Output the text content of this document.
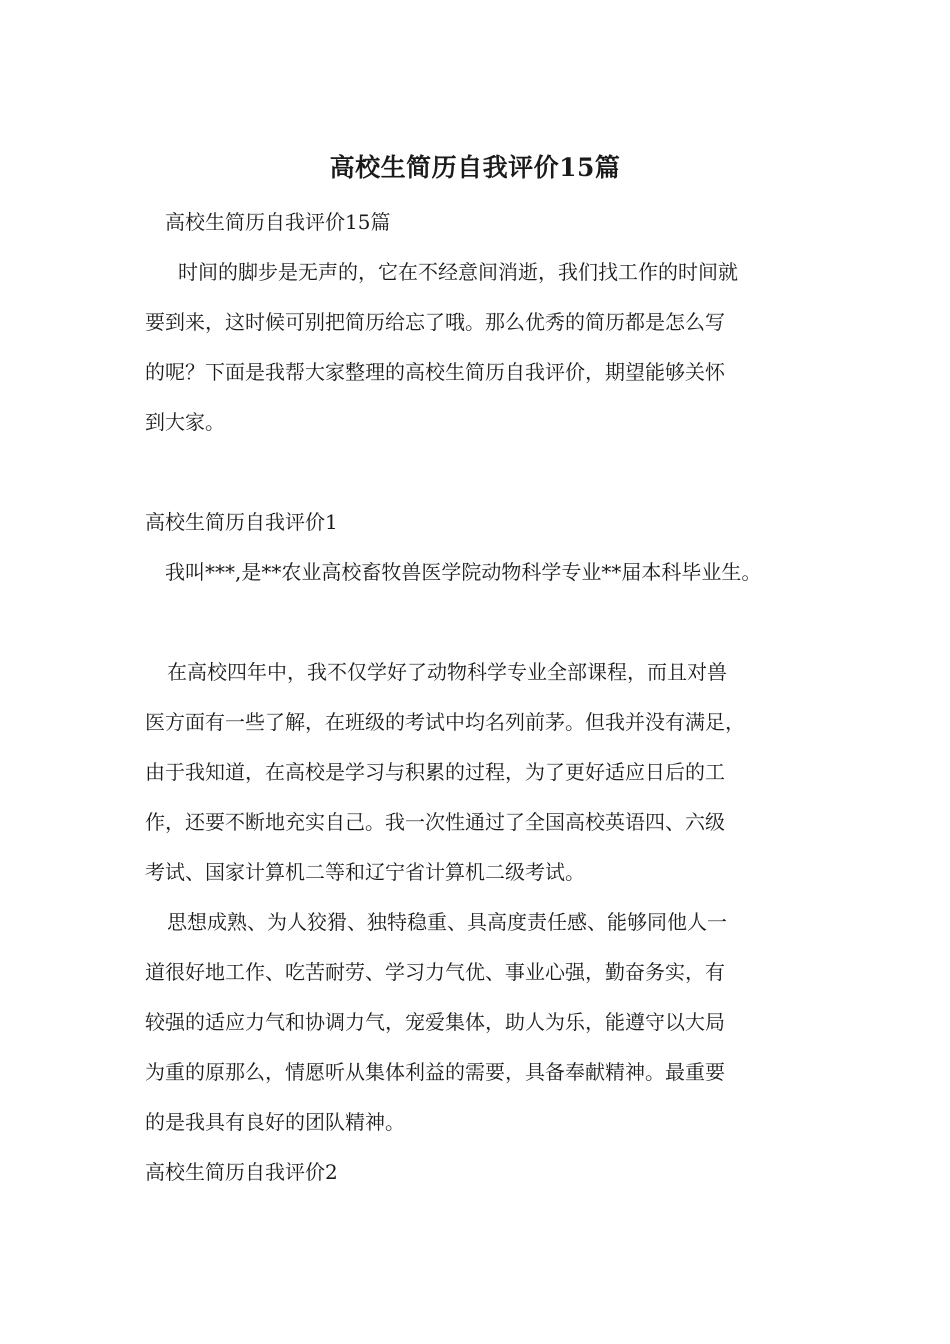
高校生简历自我评价15篇

高校生简历自我评价15篇

时间的脚步是无声的，它在不经意间消逝，我们找工作的时间就
要到来，这时候可别把简历给忘了哦。那么优秀的简历都是怎么写
的呢？下面是我帮大家整理的高校生简历自我评价，期望能够关怀
到大家。

高校生简历自我评价1

我叫***,是**农业高校畜牧兽医学院动物科学专业**届本科毕业生。

在高校四年中，我不仅学好了动物科学专业全部课程，而且对兽
医方面有一些了解，在班级的考试中均名列前茅。但我并没有满足，
由于我知道，在高校是学习与积累的过程，为了更好适应日后的工
作，还要不断地充实自己。我一次性通过了全国高校英语四、六级
考试、国家计算机二等和辽宁省计算机二级考试。

思想成熟、为人狡猾、独特稳重、具高度责任感、能够同他人一
道很好地工作、吃苦耐劳、学习力气优、事业心强，勤奋务实，有
较强的适应力气和协调力气，宠爱集体，助人为乐，能遵守以大局
为重的原那么，情愿听从集体利益的需要，具备奉献精神。最重要
的是我具有良好的团队精神。

高校生简历自我评价2
